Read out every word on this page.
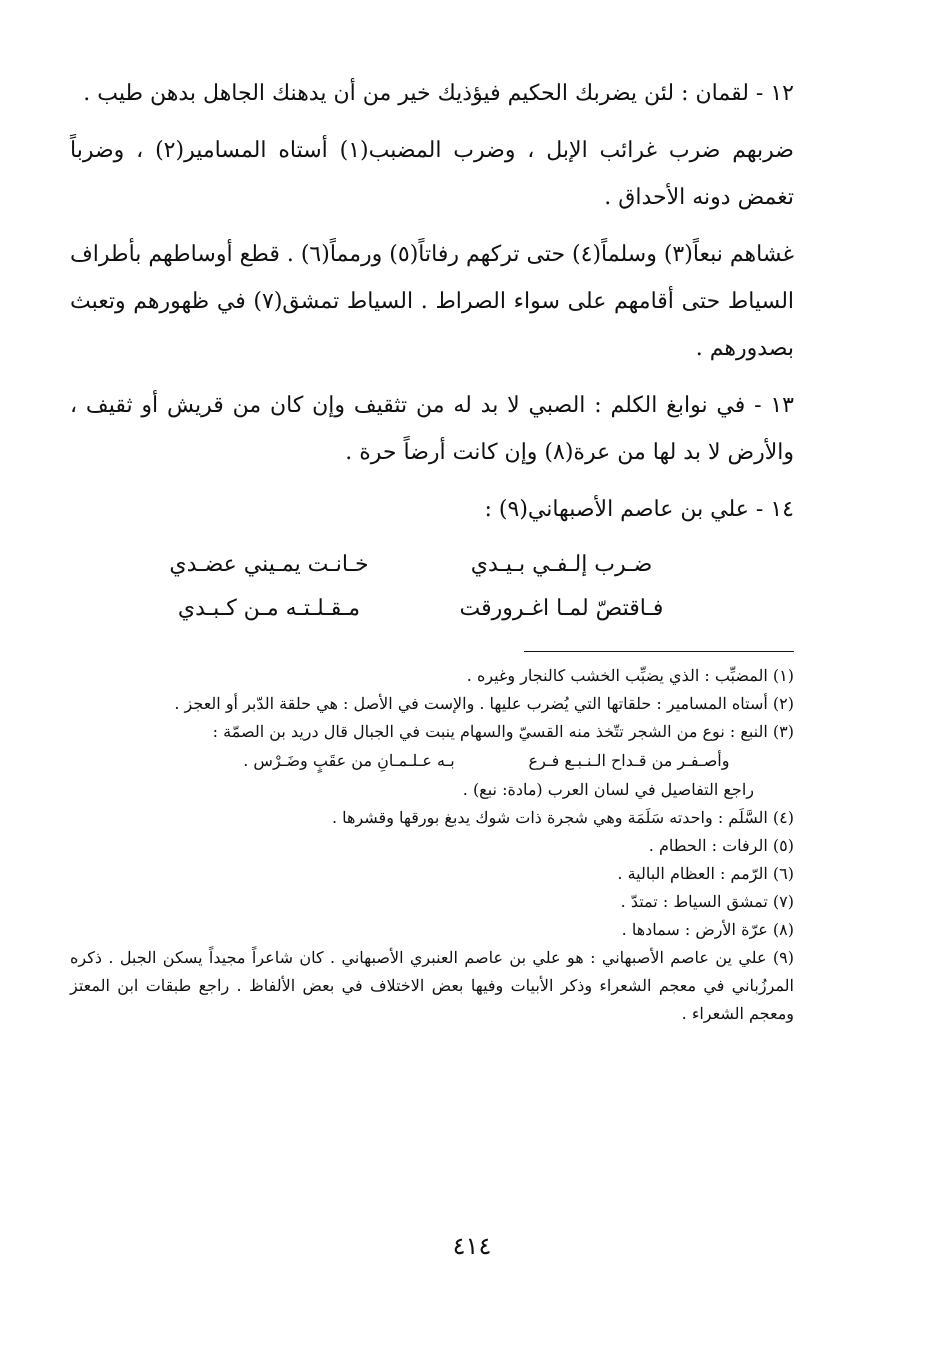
١٢ - لقمان : لئن يضربك الحكيم فيؤذيك خير من أن يدهنك الجاهل بدهن طيب .

ضربهم ضرب غرائب الإبل ، وضرب المضبب(١) أستاه المسامير(٢) ، وضرباً تغمض دونه الأحداق .

غشاهم نبعاً(٣) وسلماً(٤) حتى تركهم رفاتاً(٥) ورمماً(٦) . قطع أوساطهم بأطراف السياط حتى أقامهم على سواء الصراط . السياط تمشق(٧) في ظهورهم وتعبث بصدورهم .

١٣ - في نوابغ الكلم : الصبي لا بد له من تثقيف وإن كان من قريش أو ثقيف ، والأرض لا بد لها من عرة(٨) وإن كانت أرضاً حرة .

١٤ - علي بن عاصم الأصبهاني(٩) :

ضـرب إلـفـي بـيـدي
خـانـت يمـيني عضـدي
فـاقتصّ لمـا اغـرورقت
مـقـلـتـه مـن كـبـدي

(١) المضبِّب : الذي يضبِّب الخشب كالنجار وغيره .

(٢) أستاه المسامير : حلقاتها التي يُضرب عليها . والإست في الأصل : هي حلقة الدّبر أو العجز .

(٣) النبع : نوع من الشجر تتّخذ منه القسيّ والسهام ينبت في الجبال قال دريد بن الصمّة :

وأصـفـر من قـداح الـنـبـع فـرع
بـه عـلـمـانِ من عقَبٍ وضَـرْس .

راجع التفاصيل في لسان العرب (مادة: نبع) .

(٤) السَّلَم : واحدته سَلَمَة وهي شجرة ذات شوك يدبغ بورقها وقشرها .

(٥) الرفات : الحطام .

(٦) الرّمم : العظام البالية .

(٧) تمشق السياط : تمتدّ .

(٨) عرّة الأرض : سمادها .

(٩) علي ين عاصم الأصبهاني : هو علي بن عاصم العنبري الأصبهاني . كان شاعراً مجيداً يسكن الجبل . ذكره المرزُباني في معجم الشعراء وذكر الأبيات وفيها بعض الاختلاف في بعض الألفاظ . راجع طبقات ابن المعتز ومعجم الشعراء .

٤١٤
